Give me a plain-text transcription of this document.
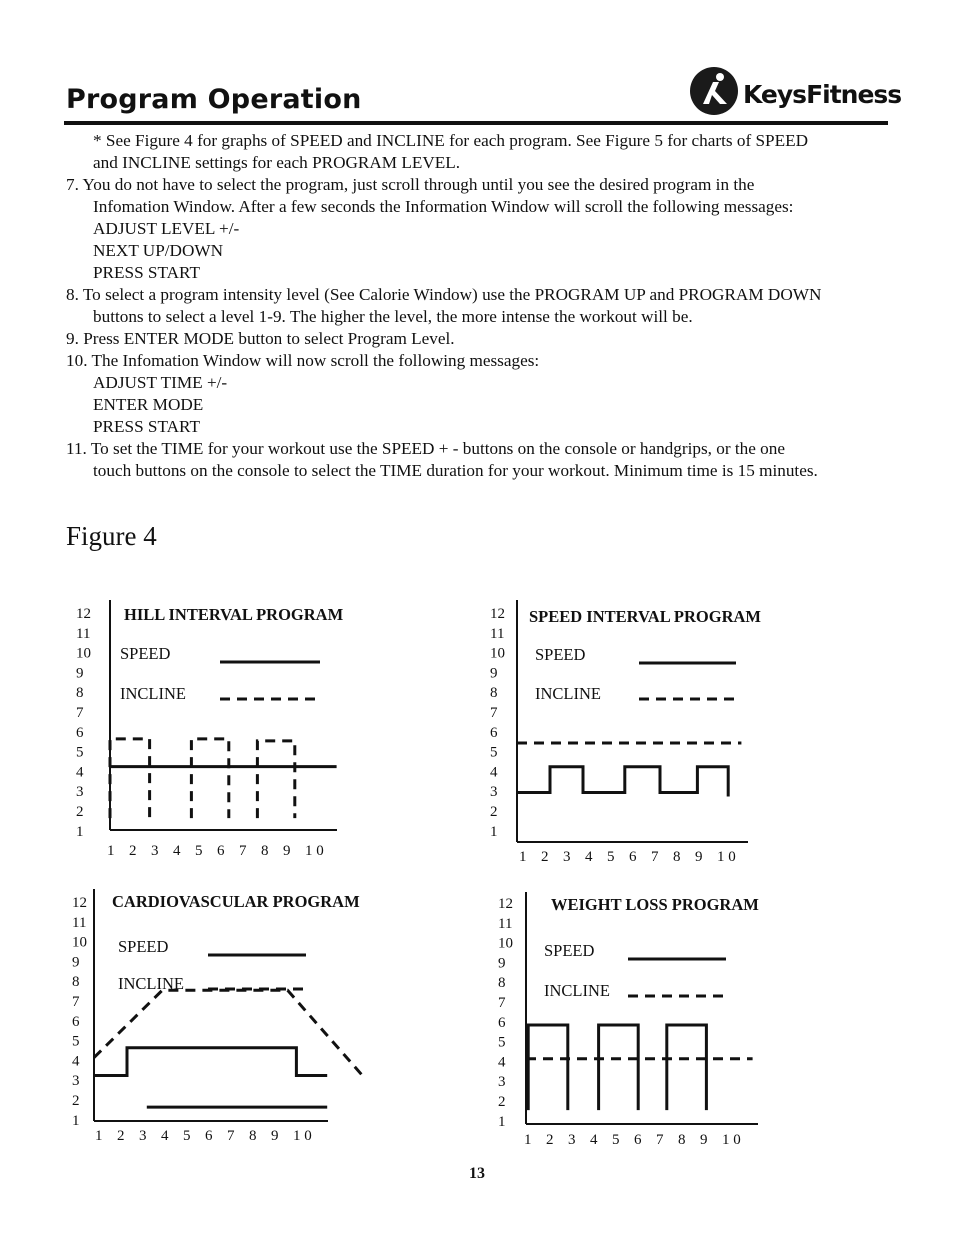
Program Operation	KeysFitness

* See Figure 4 for graphs of SPEED and INCLINE for each program. See Figure 5 for charts of SPEED

and INCLINE settings for each PROGRAM LEVEL.

7. You do not have to select the program, just scroll through until you see the desired program in the

Infomation Window. After a few seconds the Information Window will scroll the following messages:

ADJUST LEVEL +/-

NEXT UP/DOWN

PRESS START

8. To select a program intensity level (See Calorie Window) use the PROGRAM UP and PROGRAM DOWN

buttons to select a level 1-9. The higher the level, the more intense the workout will be.

9. Press ENTER MODE button to select Program Level.

10. The Infomation Window will now scroll the following messages:

ADJUST TIME +/-

ENTER MODE

PRESS START

11. To set the TIME for your workout use the SPEED + - buttons on the console or handgrips, or the one

touch buttons on the console to select the TIME duration for your workout. Minimum time is 15 minutes.

Figure 4
12
11
10
9
8
7
6
5
4
3
2
1
1 2 3 4 5 6 7 8 9 1 0
HILL INTERVAL PROGRAM
SPEED
INCLINE
12
11
10
9
8
7
6
5
4
3
2
1
1 2 3 4 5 6 7 8 9 1 0
SPEED INTERVAL PROGRAM
SPEED
INCLINE
12
11
10
9
8
7
6
5
4
3
2
1
1 2 3 4 5 6 7 8 9 1 0
CARDIOVASCULAR PROGRAM
SPEED
INCLINE
12
11
10
9
8
7
6
5
4
3
2
1
1 2 3 4 5 6 7 8 9 1 0
WEIGHT LOSS PROGRAM
SPEED
INCLINE
13
